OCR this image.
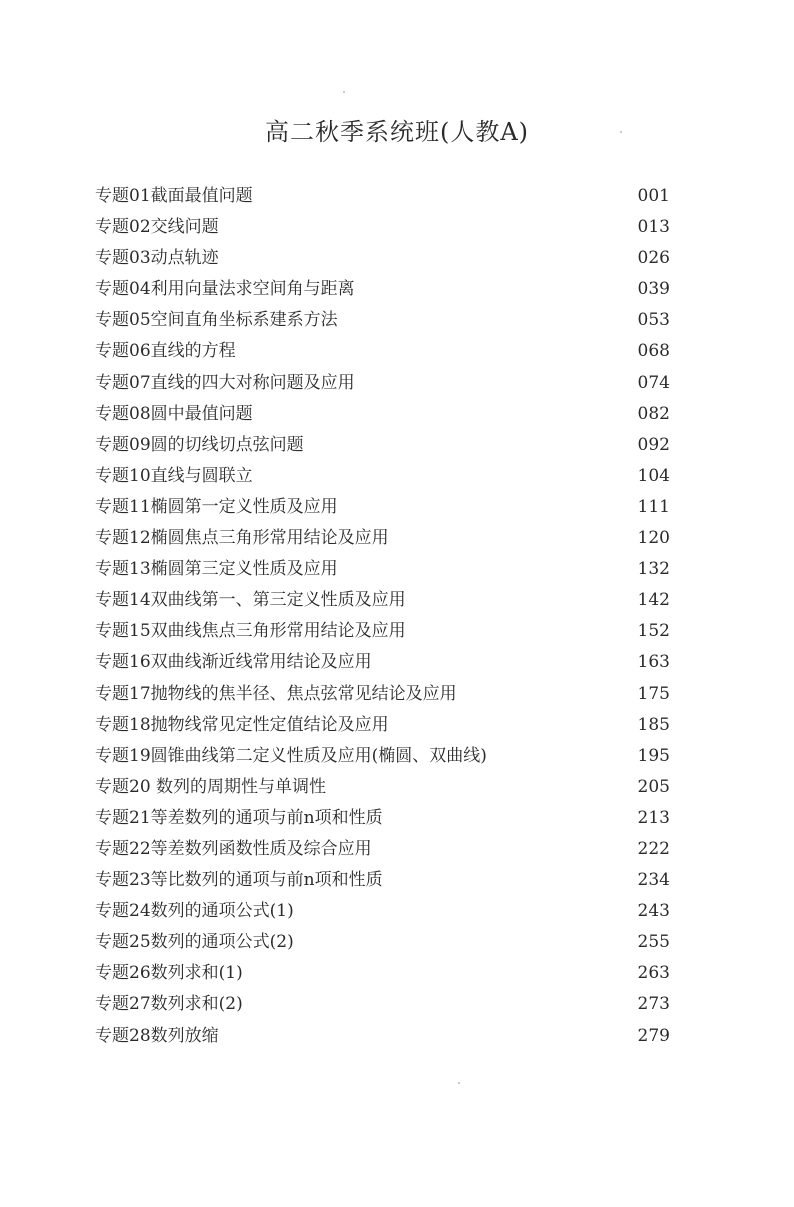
高二秋季系统班(人教A)
专题01截面最值问题	001
专题02交线问题	013
专题03动点轨迹	026
专题04利用向量法求空间角与距离	039
专题05空间直角坐标系建系方法	053
专题06直线的方程	068
专题07直线的四大对称问题及应用	074
专题08圆中最值问题	082
专题09圆的切线切点弦问题	092
专题10直线与圆联立	104
专题11椭圆第一定义性质及应用	111
专题12椭圆焦点三角形常用结论及应用	120
专题13椭圆第三定义性质及应用	132
专题14双曲线第一、第三定义性质及应用	142
专题15双曲线焦点三角形常用结论及应用	152
专题16双曲线渐近线常用结论及应用	163
专题17抛物线的焦半径、焦点弦常见结论及应用	175
专题18抛物线常见定性定值结论及应用	185
专题19圆锥曲线第二定义性质及应用(椭圆、双曲线)	195
专题20 数列的周期性与单调性	205
专题21等差数列的通项与前n项和性质	213
专题22等差数列函数性质及综合应用	222
专题23等比数列的通项与前n项和性质	234
专题24数列的通项公式(1)	243
专题25数列的通项公式(2)	255
专题26数列求和(1)	263
专题27数列求和(2)	273
专题28数列放缩	279
